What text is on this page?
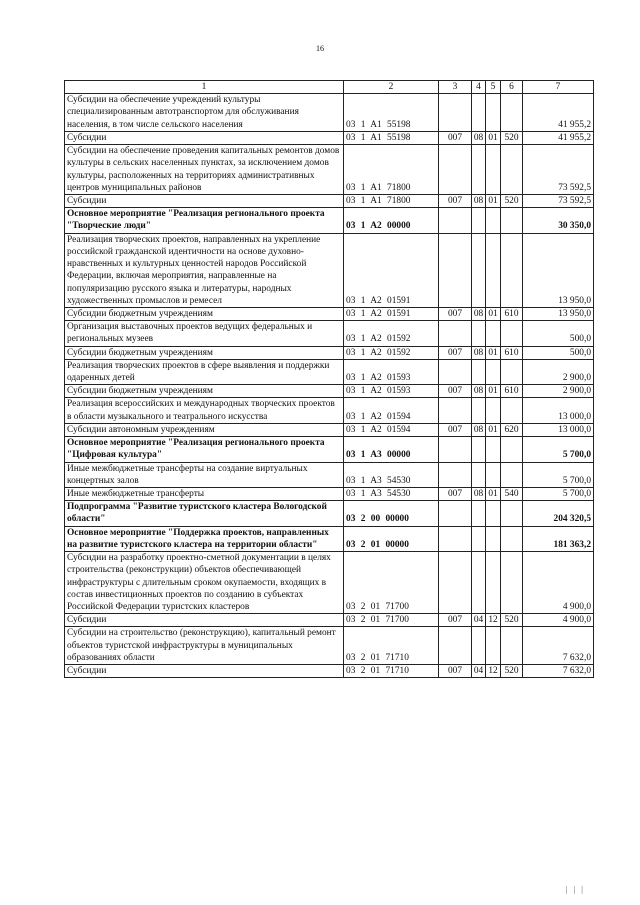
16
1	2	3	4	5	6	7
Субсидии на обеспечение учреждений культуры специализированным автотранспортом для обслуживания населения, в том числе сельского населения	03 1 A1 55198					41 955,2
Субсидии	03 1 A1 55198	007	08	01	520	41 955,2
Субсидии на обеспечение проведения капитальных ремонтов домов культуры в сельских населенных пунктах, за исключением домов культуры, расположенных на территориях административных центров муниципальных районов	03 1 A1 71800					73 592,5
Субсидии	03 1 A1 71800	007	08	01	520	73 592,5
Основное мероприятие "Реализация регионального проекта "Творческие люди"	03 1 A2 00000					30 350,0
Реализация творческих проектов, направленных на укрепление российской гражданской идентичности на основе духовно-нравственных и культурных ценностей народов Российской Федерации, включая мероприятия, направленные на популяризацию русского языка и литературы, народных художественных промыслов и ремесел	03 1 A2 01591					13 950,0
Субсидии бюджетным учреждениям	03 1 A2 01591	007	08	01	610	13 950,0
Организация выставочных проектов ведущих федеральных и региональных музеев	03 1 A2 01592					500,0
Субсидии бюджетным учреждениям	03 1 A2 01592	007	08	01	610	500,0
Реализация творческих проектов в сфере выявления и поддержки одаренных детей	03 1 A2 01593					2 900,0
Субсидии бюджетным учреждениям	03 1 A2 01593	007	08	01	610	2 900,0
Реализация всероссийских и международных творческих проектов в области музыкального и театрального искусства	03 1 A2 01594					13 000,0
Субсидии автономным учреждениям	03 1 A2 01594	007	08	01	620	13 000,0
Основное мероприятие "Реализация регионального проекта "Цифровая культура"	03 1 A3 00000					5 700,0
Иные межбюджетные трансферты на создание виртуальных концертных залов	03 1 A3 54530					5 700,0
Иные межбюджетные трансферты	03 1 A3 54530	007	08	01	540	5 700,0
Подпрограмма "Развитие туристского кластера Вологодской области"	03 2 00 00000					204 320,5
Основное мероприятие "Поддержка проектов, направленных на развитие туристского кластера на территории области"	03 2 01 00000					181 363,2
Субсидии на разработку проектно-сметной документации в целях строительства (реконструкции) объектов обеспечивающей инфраструктуры с длительным сроком окупаемости, входящих в состав инвестиционных проектов по созданию в субъектах Российской Федерации туристских кластеров	03 2 01 71700					4 900,0
Субсидии	03 2 01 71700	007	04	12	520	4 900,0
Субсидии на строительство (реконструкцию), капитальный ремонт объектов туристской инфраструктуры в муниципальных образованиях области	03 2 01 71710					7 632,0
Субсидии	03 2 01 71710	007	04	12	520	7 632,0
| | |
